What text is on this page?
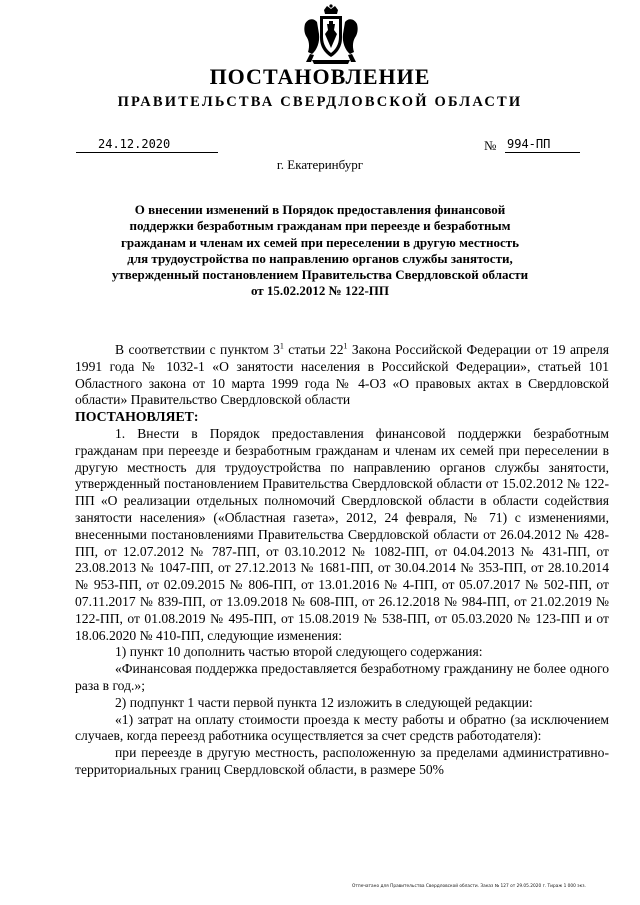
ПОСТАНОВЛЕНИЕ
ПРАВИТЕЛЬСТВА СВЕРДЛОВСКОЙ ОБЛАСТИ
24.12.2020	№ 994-ПП
г. Екатеринбург
О внесении изменений в Порядок предоставления финансовой
поддержки безработным гражданам при переезде и безработным
гражданам и членам их семей при переселении в другую местность
для трудоустройства по направлению органов службы занятости,
утвержденный постановлением Правительства Свердловской области
от 15.02.2012 № 122-ПП

В соответствии с пунктом $3^1$ статьи $22^1$ Закона Российской Федерации от 19 апреля 1991 года № 1032-1 «О занятости населения в Российской Федерации», статьей 101 Областного закона от 10 марта 1999 года № 4-ОЗ «О правовых актах в Свердловской области» Правительство Свердловской области

ПОСТАНОВЛЯЕТ:

1. Внести в Порядок предоставления финансовой поддержки безработным гражданам при переезде и безработным гражданам и членам их семей при переселении в другую местность для трудоустройства по направлению органов службы занятости, утвержденный постановлением Правительства Свердловской области от 15.02.2012 № 122-ПП «О реализации отдельных полномочий Свердловской области в области содействия занятости населения» («Областная газета», 2012, 24 февраля, № 71) с изменениями, внесенными постановлениями Правительства Свердловской области от 26.04.2012 № 428-ПП, от 12.07.2012 № 787-ПП, от 03.10.2012 № 1082-ПП, от 04.04.2013 № 431-ПП, от 23.08.2013 № 1047-ПП, от 27.12.2013 № 1681-ПП, от 30.04.2014 № 353-ПП, от 28.10.2014 № 953-ПП, от 02.09.2015 № 806-ПП, от 13.01.2016 № 4-ПП, от 05.07.2017 № 502-ПП, от 07.11.2017 № 839-ПП, от 13.09.2018 № 608-ПП, от 26.12.2018 № 984-ПП, от 21.02.2019 № 122-ПП, от 01.08.2019 № 495-ПП, от 15.08.2019 № 538-ПП, от 05.03.2020 № 123-ПП и от 18.06.2020 № 410-ПП, следующие изменения:

1) пункт 10 дополнить частью второй следующего содержания:

«Финансовая поддержка предоставляется безработному гражданину не более одного раза в год.»;

2) подпункт 1 части первой пункта 12 изложить в следующей редакции:

«1) затрат на оплату стоимости проезда к месту работы и обратно (за исключением случаев, когда переезд работника осуществляется за счет средств работодателя):

при переезде в другую местность, расположенную за пределами административно-территориальных границ Свердловской области, в размере 50%

Отпечатано для Правительства Свердловской области. Заказ № 127 от 29.05.2020 г. Тираж 1 000 экз.
